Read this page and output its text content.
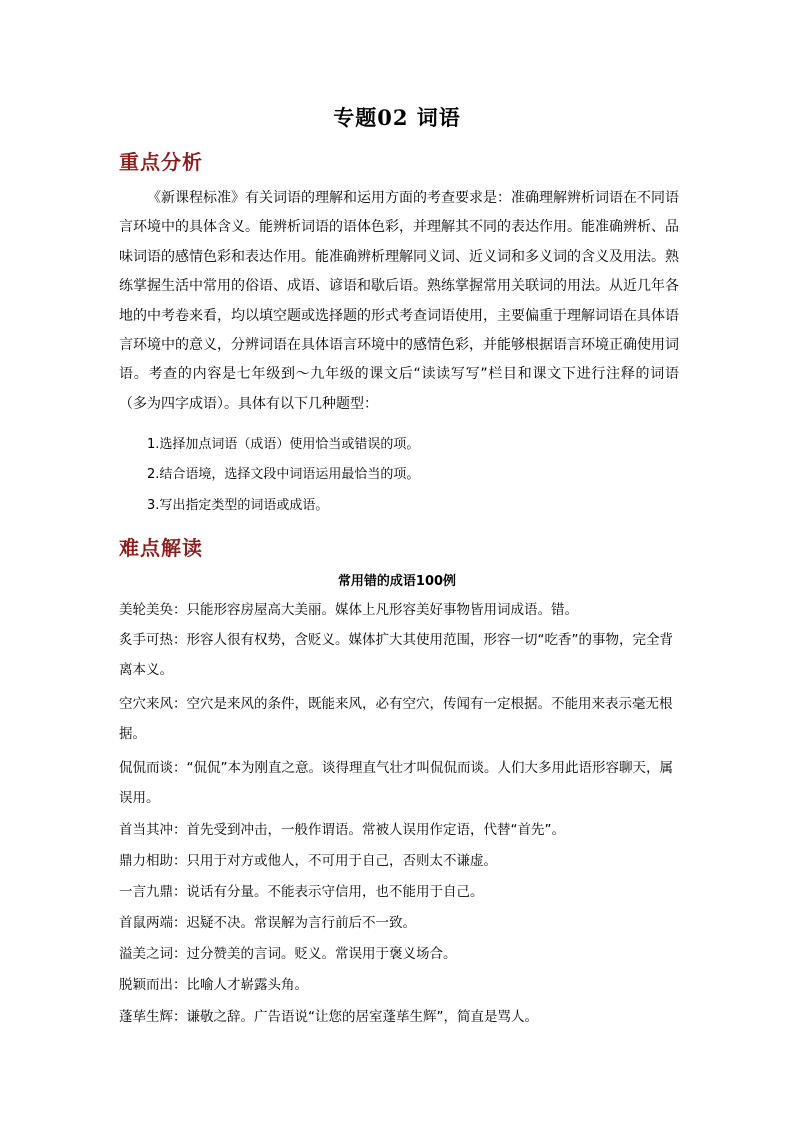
专题02 词语
重点分析

《新课程标准》有关词语的理解和运用方面的考查要求是：准确理解辨析词语在不同语言环境中的具体含义。能辨析词语的语体色彩，并理解其不同的表达作用。能准确辨析、品味词语的感情色彩和表达作用。能准确辨析理解同义词、近义词和多义词的含义及用法。熟练掌握生活中常用的俗语、成语、谚语和歇后语。熟练掌握常用关联词的用法。从近几年各地的中考卷来看，均以填空题或选择题的形式考查词语使用，主要偏重于理解词语在具体语言环境中的意义，分辨词语在具体语言环境中的感情色彩，并能够根据语言环境正确使用词语。考查的内容是七年级到～九年级的课文后“读读写写”栏目和课文下进行注释的词语（多为四字成语）。具体有以下几种题型：

1.选择加点词语（成语）使用恰当或错误的项。

2.结合语境，选择文段中词语运用最恰当的项。

3.写出指定类型的词语或成语。

难点解读
常用错的成语100例

美轮美奂：只能形容房屋高大美丽。媒体上凡形容美好事物皆用词成语。错。

炙手可热：形容人很有权势，含贬义。媒体扩大其使用范围，形容一切“吃香”的事物，完全背离本义。

空穴来风：空穴是来风的条件，既能来风，必有空穴，传闻有一定根据。不能用来表示毫无根据。

侃侃而谈：“侃侃”本为刚直之意。谈得理直气壮才叫侃侃而谈。人们大多用此语形容聊天，属误用。

首当其冲：首先受到冲击，一般作谓语。常被人误用作定语，代替“首先”。

鼎力相助：只用于对方或他人，不可用于自己，否则太不谦虚。

一言九鼎：说话有分量。不能表示守信用，也不能用于自己。

首鼠两端：迟疑不决。常误解为言行前后不一致。

溢美之词：过分赞美的言词。贬义。常误用于褒义场合。

脱颖而出：比喻人才崭露头角。

蓬荜生辉：谦敬之辞。广告语说“让您的居室蓬荜生辉”，简直是骂人。
